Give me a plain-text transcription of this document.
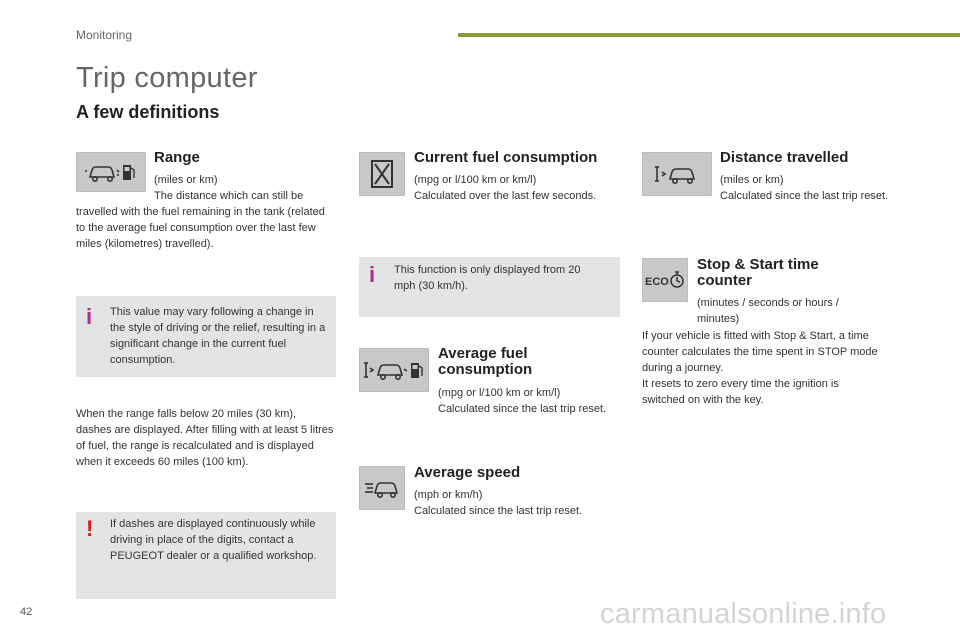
Monitoring
Trip computer
A few definitions
Range
(miles or km)
The distance which can still be
travelled with the fuel remaining in the tank (related to the average fuel consumption over the last few miles (kilometres) travelled).
i This value may vary following a change in the style of driving or the relief, resulting in a significant change in the current fuel consumption.
When the range falls below 20 miles (30 km), dashes are displayed. After filling with at least 5 litres of fuel, the range is recalculated and is displayed when it exceeds 60 miles (100 km).
! If dashes are displayed continuously while driving in place of the digits, contact a PEUGEOT dealer or a qualified workshop.
Current fuel consumption
(mpg or l/100 km or km/l)
Calculated over the last few seconds.
i This function is only displayed from 20 mph (30 km/h).
Average fuel consumption
(mpg or l/100 km or km/l)
Calculated since the last trip reset.
Average speed
(mph or km/h)
Calculated since the last trip reset.
Distance travelled
(miles or km)
Calculated since the last trip reset.
ECO
Stop & Start time counter
(minutes / seconds or hours / minutes)
If your vehicle is fitted with Stop & Start, a time counter calculates the time spent in STOP mode during a journey.
It resets to zero every time the ignition is switched on with the key.
42	carmanualsonline.info
